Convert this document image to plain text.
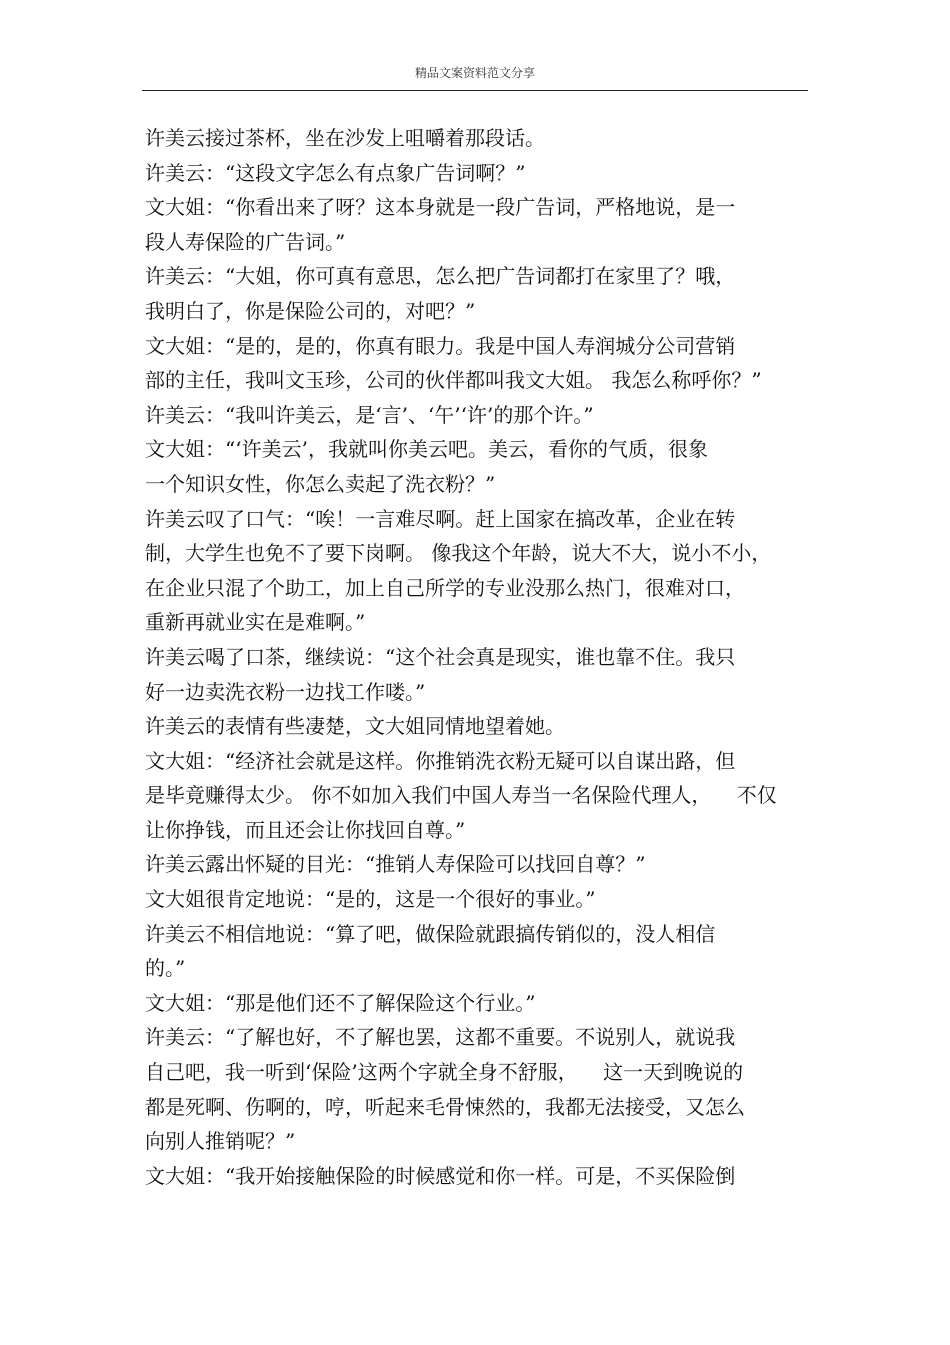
精品文案资料范文分享
许美云接过茶杯，坐在沙发上咀嚼着那段话。
许美云：“这段文字怎么有点象广告词啊？”
文大姐：“你看出来了呀？这本身就是一段广告词，严格地说，是一
段人寿保险的广告词。”
许美云：“大姐，你可真有意思，怎么把广告词都打在家里了？哦，
我明白了，你是保险公司的，对吧？”
文大姐：“是的，是的，你真有眼力。我是中国人寿润城分公司营销
部的主任，我叫文玉珍，公司的伙伴都叫我文大姐。 我怎么称呼你？”
许美云：“我叫许美云，是‘言’、‘午’‘许’的那个许。”
文大姐：“‘许美云’，我就叫你美云吧。美云，看你的气质，很象
一个知识女性，你怎么卖起了洗衣粉？”
许美云叹了口气：“唉！一言难尽啊。赶上国家在搞改革，企业在转
制，大学生也免不了要下岗啊。 像我这个年龄，说大不大，说小不小，
在企业只混了个助工，加上自己所学的专业没那么热门，很难对口，
重新再就业实在是难啊。”
许美云喝了口茶，继续说：“这个社会真是现实，谁也靠不住。我只
好一边卖洗衣粉一边找工作喽。”
许美云的表情有些凄楚，文大姐同情地望着她。
文大姐：“经济社会就是这样。你推销洗衣粉无疑可以自谋出路，但
是毕竟赚得太少。 你不如加入我们中国人寿当一名保险代理人，    不仅
让你挣钱，而且还会让你找回自尊。”
许美云露出怀疑的目光：“推销人寿保险可以找回自尊？”
文大姐很肯定地说：“是的，这是一个很好的事业。”
许美云不相信地说：“算了吧，做保险就跟搞传销似的，没人相信
的。”
文大姐：“那是他们还不了解保险这个行业。”
许美云：“了解也好，不了解也罢，这都不重要。不说别人，就说我
自己吧，我一听到‘保险’这两个字就全身不舒服，    这一天到晚说的
都是死啊、伤啊的，哼，听起来毛骨悚然的，我都无法接受，又怎么
向别人推销呢？”
文大姐：“我开始接触保险的时候感觉和你一样。可是，不买保险倒
